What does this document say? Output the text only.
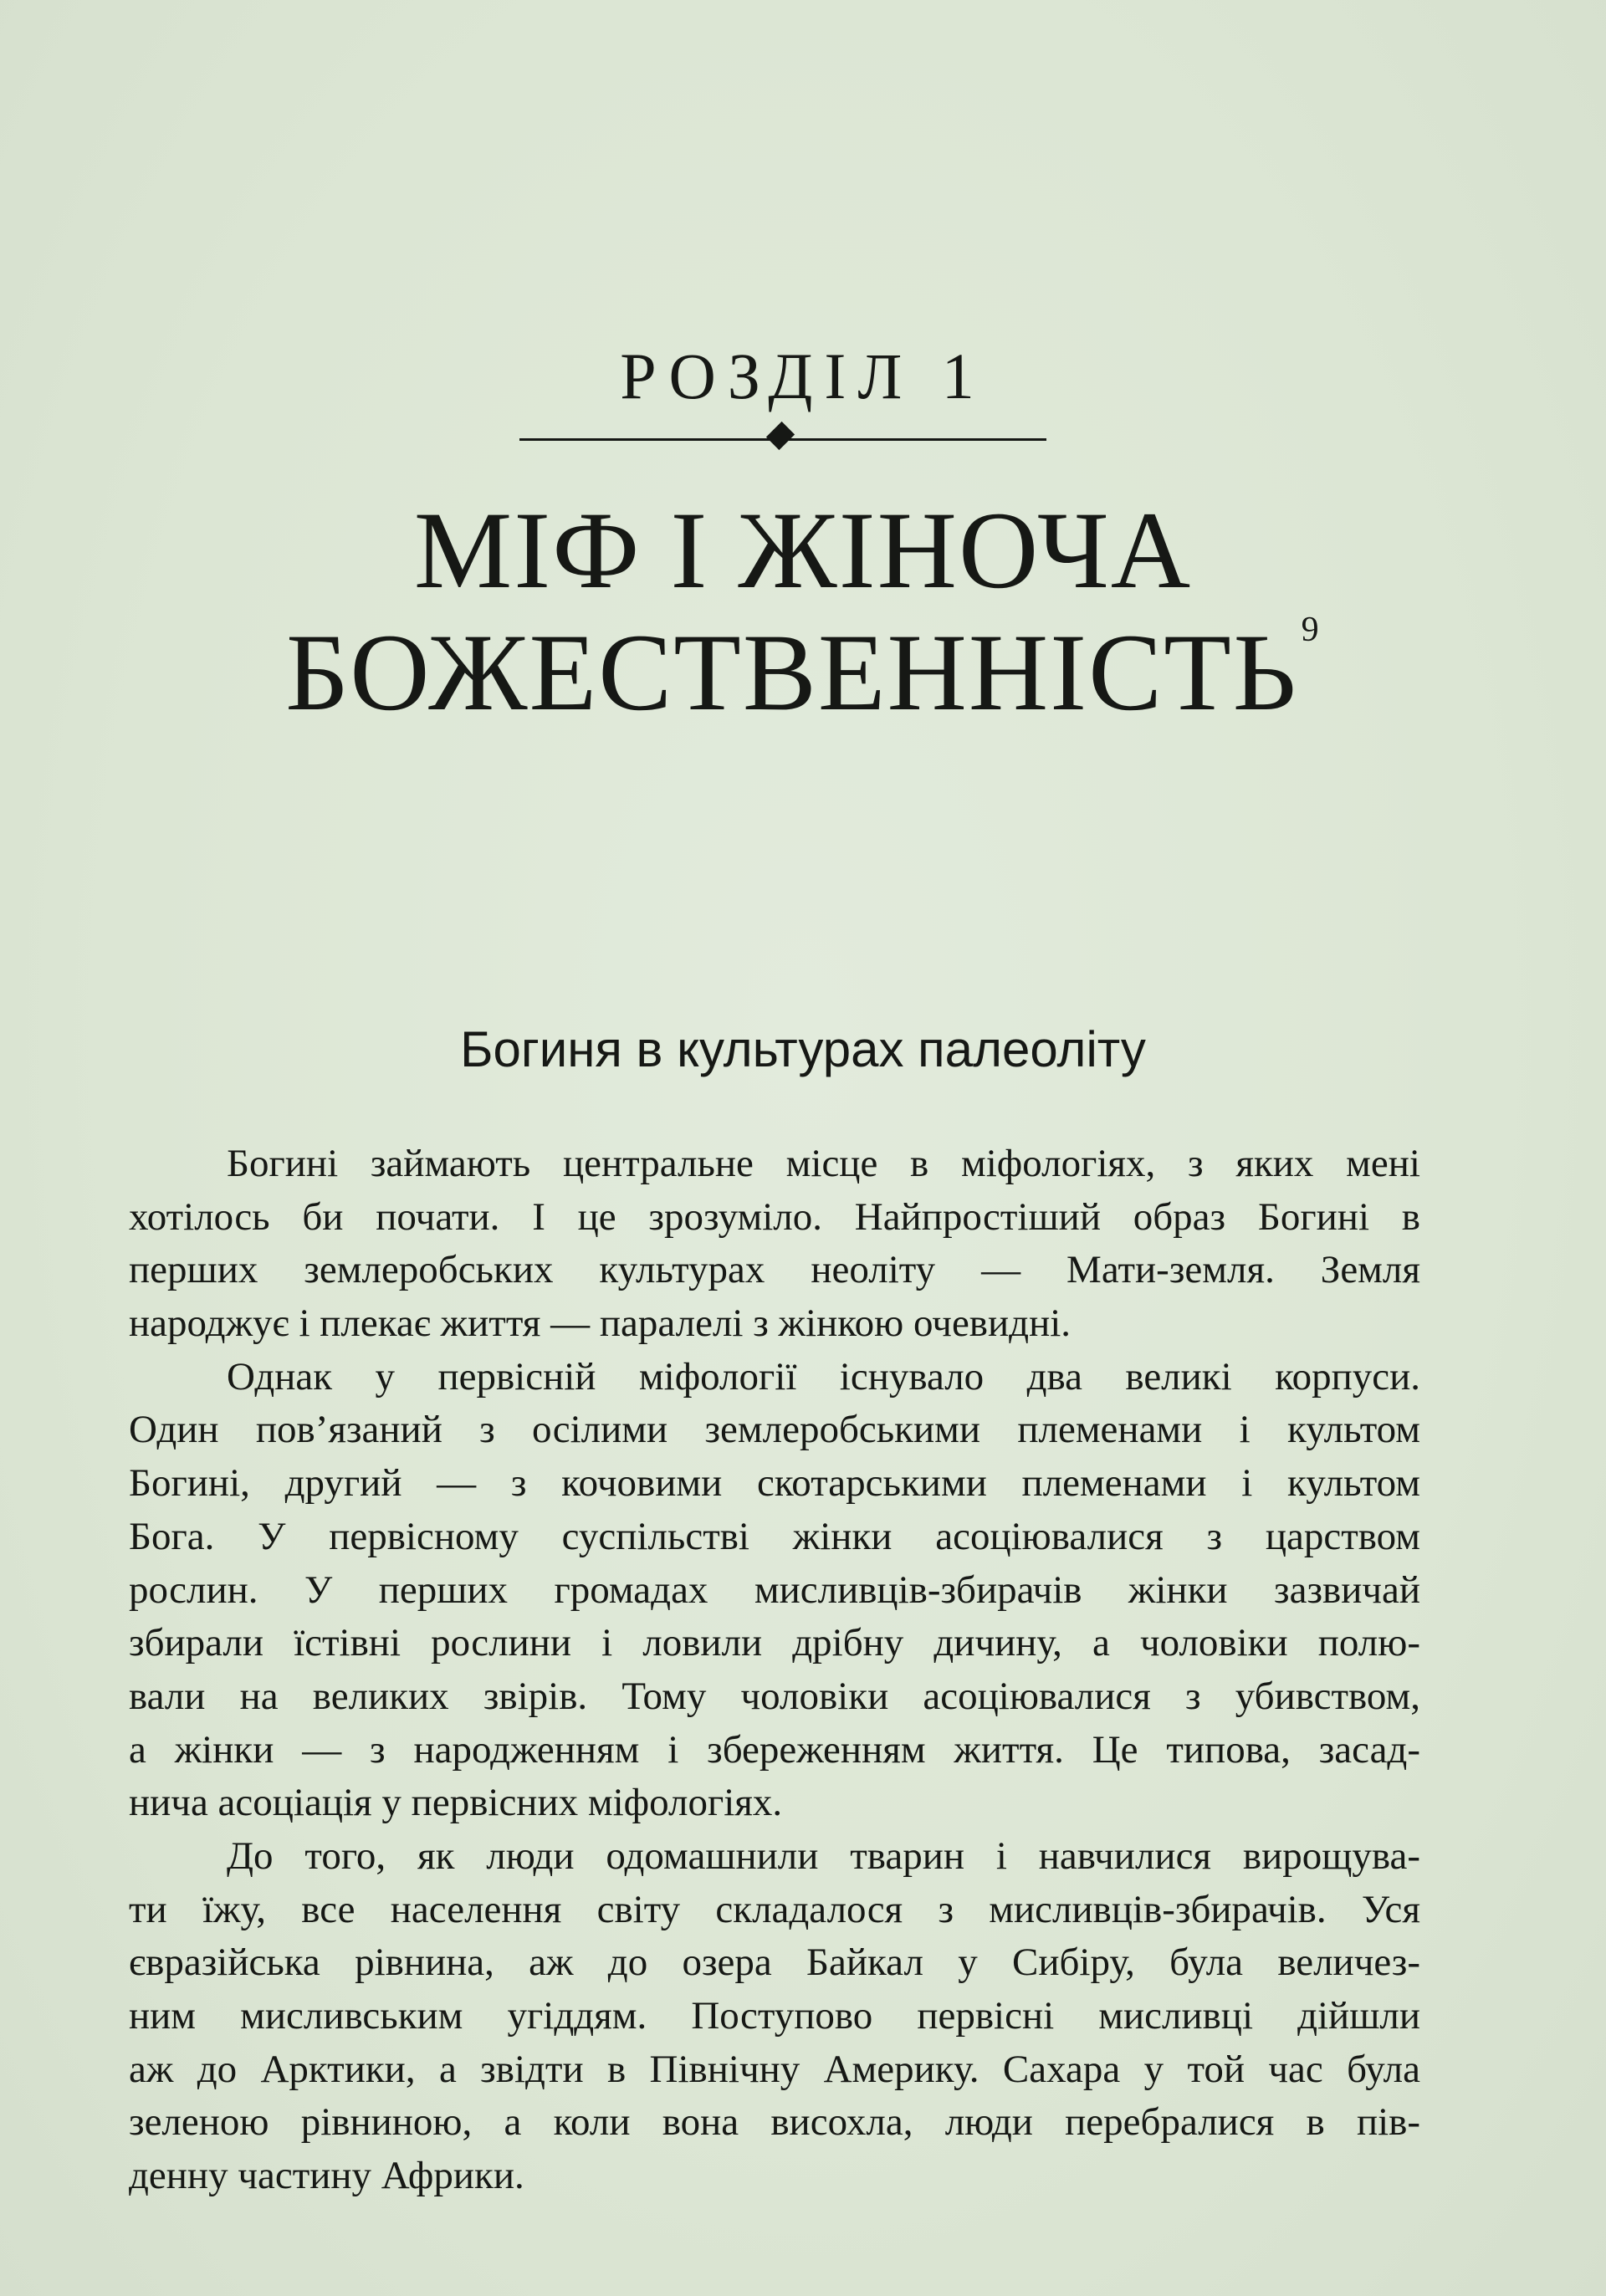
РОЗДІЛ 1
МІФ І ЖІНОЧА
БОЖЕСТВЕННІСТЬ$^9$
Богиня в культурах палеоліту
Богині займають центральне місце в міфологіях, з яких мені
хотілось би почати. І це зрозуміло. Найпростіший образ Богині в
перших землеробських культурах неоліту — Мати-земля. Земля
народжує і плекає життя — паралелі з жінкою очевидні.
Однак у первісній міфології існувало два великі корпуси.
Один пов’язаний з осілими землеробськими племенами і культом
Богині, другий — з кочовими скотарськими племенами і культом
Бога. У первісному суспільстві жінки асоціювалися з царством
рослин. У перших громадах мисливців-збирачів жінки зазвичай
збирали їстівні рослини і ловили дрібну дичину, а чоловіки полю-
вали на великих звірів. Тому чоловіки асоціювалися з убивством,
а жінки — з народженням і збереженням життя. Це типова, засад-
нича асоціація у первісних міфологіях.
До того, як люди одомашнили тварин і навчилися вирощува-
ти їжу, все населення світу складалося з мисливців-збирачів. Уся
євразійська рівнина, аж до озера Байкал у Сибіру, була величез-
ним мисливським угіддям. Поступово первісні мисливці дійшли
аж до Арктики, а звідти в Північну Америку. Сахара у той час була
зеленою рівниною, а коли вона висохла, люди перебралися в пів-
денну частину Африки.
